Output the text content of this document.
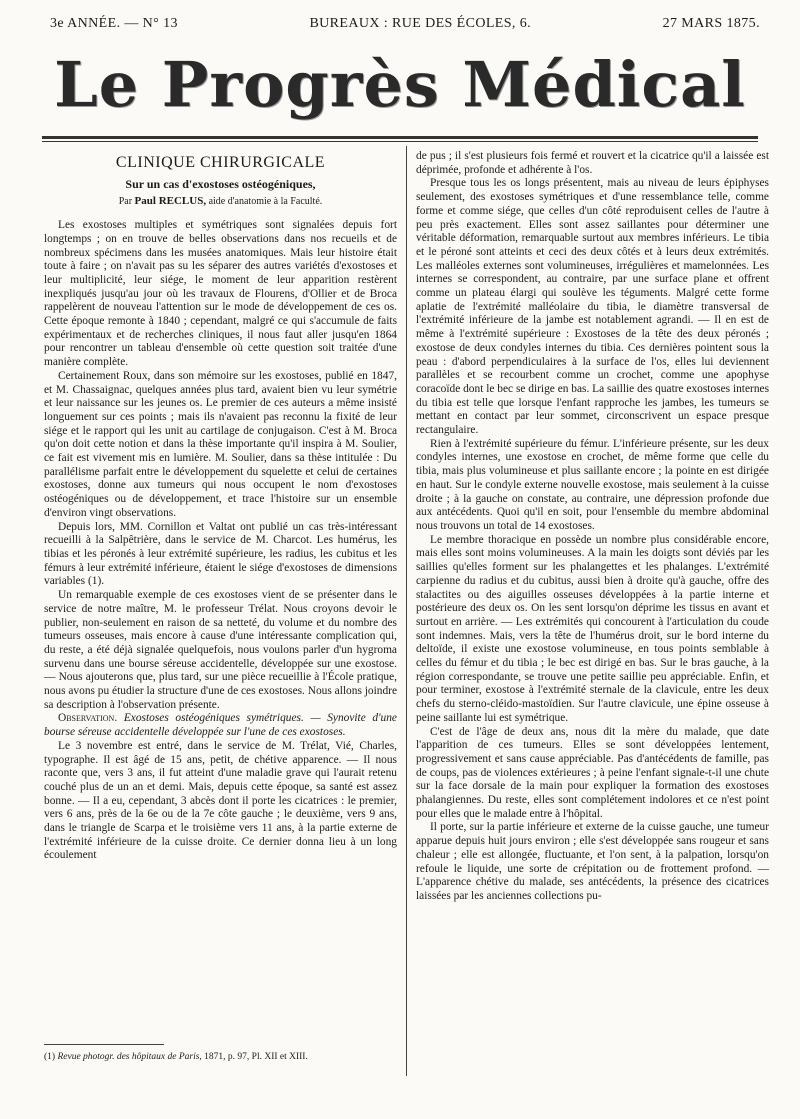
3e ANNÉE. — N° 13	BUREAUX : RUE DES ÉCOLES, 6.	27 MARS 1875.
Le Progrès Médical
CLINIQUE CHIRURGICALE
Sur un cas d'exostoses ostéogéniques,
Par Paul RECLUS, aide d'anatomie à la Faculté.

Les exostoses multiples et symétriques sont signalées depuis fort longtemps ; on en trouve de belles observations dans nos recueils et de nombreux spécimens dans les musées anatomiques. Mais leur histoire était toute à faire ; on n'avait pas su les séparer des autres variétés d'exostoses et leur multiplicité, leur siége, le moment de leur apparition restèrent inexpliqués jusqu'au jour où les travaux de Flourens, d'Ollier et de Broca rappelèrent de nouveau l'attention sur le mode de développement de ces os. Cette époque remonte à 1840 ; cependant, malgré ce qui s'accumule de faits expérimentaux et de recherches cliniques, il nous faut aller jusqu'en 1864 pour rencontrer un tableau d'ensemble où cette question soit traitée d'une manière complète.

Certainement Roux, dans son mémoire sur les exostoses, publié en 1847, et M. Chassaignac, quelques années plus tard, avaient bien vu leur symétrie et leur naissance sur les jeunes os. Le premier de ces auteurs a même insisté longuement sur ces points ; mais ils n'avaient pas reconnu la fixité de leur siége et le rapport qui les unit au cartilage de conjugaison. C'est à M. Broca qu'on doit cette notion et dans la thèse importante qu'il inspira à M. Soulier, ce fait est vivement mis en lumière. M. Soulier, dans sa thèse intitulée : Du parallélisme parfait entre le développement du squelette et celui de certaines exostoses, donne aux tumeurs qui nous occupent le nom d'exostoses ostéogéniques ou de développement, et trace l'histoire sur un ensemble d'environ vingt observations.

Depuis lors, MM. Cornillon et Valtat ont publié un cas très-intéressant recueilli à la Salpêtrière, dans le service de M. Charcot. Les humérus, les tibias et les péronés à leur extrémité supérieure, les radius, les cubitus et les fémurs à leur extrémité inférieure, étaient le siége d'exostoses de dimensions variables (1).

Un remarquable exemple de ces exostoses vient de se présenter dans le service de notre maître, M. le professeur Trélat. Nous croyons devoir le publier, non-seulement en raison de sa netteté, du volume et du nombre des tumeurs osseuses, mais encore à cause d'une intéressante complication qui, du reste, a été déjà signalée quelquefois, nous voulons parler d'un hygroma survenu dans une bourse séreuse accidentelle, développée sur une exostose. — Nous ajouterons que, plus tard, sur une pièce recueillie à l'École pratique, nous avons pu étudier la structure d'une de ces exostoses. Nous allons joindre sa description à l'observation présente.

Observation. Exostoses ostéogéniques symétriques. — Synovite d'une bourse séreuse accidentelle développée sur l'une de ces exostoses.

Le 3 novembre est entré, dans le service de M. Trélat, Vié, Charles, typographe. Il est âgé de 15 ans, petit, de chétive apparence. — Il nous raconte que, vers 3 ans, il fut atteint d'une maladie grave qui l'aurait retenu couché plus de un an et demi. Mais, depuis cette époque, sa santé est assez bonne. — Il a eu, cependant, 3 abcès dont il porte les cicatrices : le premier, vers 6 ans, près de la 6e ou de la 7e côte gauche ; le deuxième, vers 9 ans, dans le triangle de Scarpa et le troisième vers 11 ans, à la partie externe de l'extrémité inférieure de la cuisse droite. Ce dernier donna lieu à un long écoulement

de pus ; il s'est plusieurs fois fermé et rouvert et la cicatrice qu'il a laissée est déprimée, profonde et adhérente à l'os.

Presque tous les os longs présentent, mais au niveau de leurs épiphyses seulement, des exostoses symétriques et d'une ressemblance telle, comme forme et comme siége, que celles d'un côté reproduisent celles de l'autre à peu près exactement. Elles sont assez saillantes pour déterminer une véritable déformation, remarquable surtout aux membres inférieurs. Le tibia et le péroné sont atteints et ceci des deux côtés et à leurs deux extrémités. Les malléoles externes sont volumineuses, irrégulières et mamelonnées. Les internes se correspondent, au contraire, par une surface plane et offrent comme un plateau élargi qui soulève les téguments. Malgré cette forme aplatie de l'extrémité malléolaire du tibia, le diamètre transversal de l'extrémité inférieure de la jambe est notablement agrandi. — Il en est de même à l'extrémité supérieure : Exostoses de la tête des deux péronés ; exostose de deux condyles internes du tibia. Ces dernières pointent sous la peau : d'abord perpendiculaires à la surface de l'os, elles lui deviennent parallèles et se recourbent comme un crochet, comme une apophyse coracoïde dont le bec se dirige en bas. La saillie des quatre exostoses internes du tibia est telle que lorsque l'enfant rapproche les jambes, les tumeurs se mettant en contact par leur sommet, circonscrivent un espace presque rectangulaire.

Rien à l'extrémité supérieure du fémur. L'inférieure présente, sur les deux condyles internes, une exostose en crochet, de même forme que celle du tibia, mais plus volumineuse et plus saillante encore ; la pointe en est dirigée en haut. Sur le condyle externe nouvelle exostose, mais seulement à la cuisse droite ; à la gauche on constate, au contraire, une dépression profonde due aux antécédents. Quoi qu'il en soit, pour l'ensemble du membre abdominal nous trouvons un total de 14 exostoses.

Le membre thoracique en possède un nombre plus considérable encore, mais elles sont moins volumineuses. A la main les doigts sont déviés par les saillies qu'elles forment sur les phalangettes et les phalanges. L'extrémité carpienne du radius et du cubitus, aussi bien à droite qu'à gauche, offre des stalactites ou des aiguilles osseuses développées à la partie interne et postérieure des deux os. On les sent lorsqu'on déprime les tissus en avant et surtout en arrière. — Les extrémités qui concourent à l'articulation du coude sont indemnes. Mais, vers la tête de l'humérus droit, sur le bord interne du deltoïde, il existe une exostose volumineuse, en tous points semblable à celles du fémur et du tibia ; le bec est dirigé en bas. Sur le bras gauche, à la région correspondante, se trouve une petite saillie peu appréciable. Enfin, et pour terminer, exostose à l'extrémité sternale de la clavicule, entre les deux chefs du sterno-cléido-mastoïdien. Sur l'autre clavicule, une épine osseuse à peine saillante lui est symétrique.

C'est de l'âge de deux ans, nous dit la mère du malade, que date l'apparition de ces tumeurs. Elles se sont développées lentement, progressivement et sans cause appréciable. Pas d'antécédents de famille, pas de coups, pas de violences extérieures ; à peine l'enfant signale-t-il une chute sur la face dorsale de la main pour expliquer la formation des exostoses phalangiennes. Du reste, elles sont complétement indolores et ce n'est point pour elles que le malade entre à l'hôpital.

Il porte, sur la partie inférieure et externe de la cuisse gauche, une tumeur apparue depuis huit jours environ ; elle s'est développée sans rougeur et sans chaleur ; elle est allongée, fluctuante, et l'on sent, à la palpation, lorsqu'on refoule le liquide, une sorte de crépitation ou de frottement profond. — L'apparence chétive du malade, ses antécédents, la présence des cicatrices laissées par les anciennes collections pu-

(1) Revue photogr. des hôpitaux de Paris, 1871, p. 97, Pl. XII et XIII.
